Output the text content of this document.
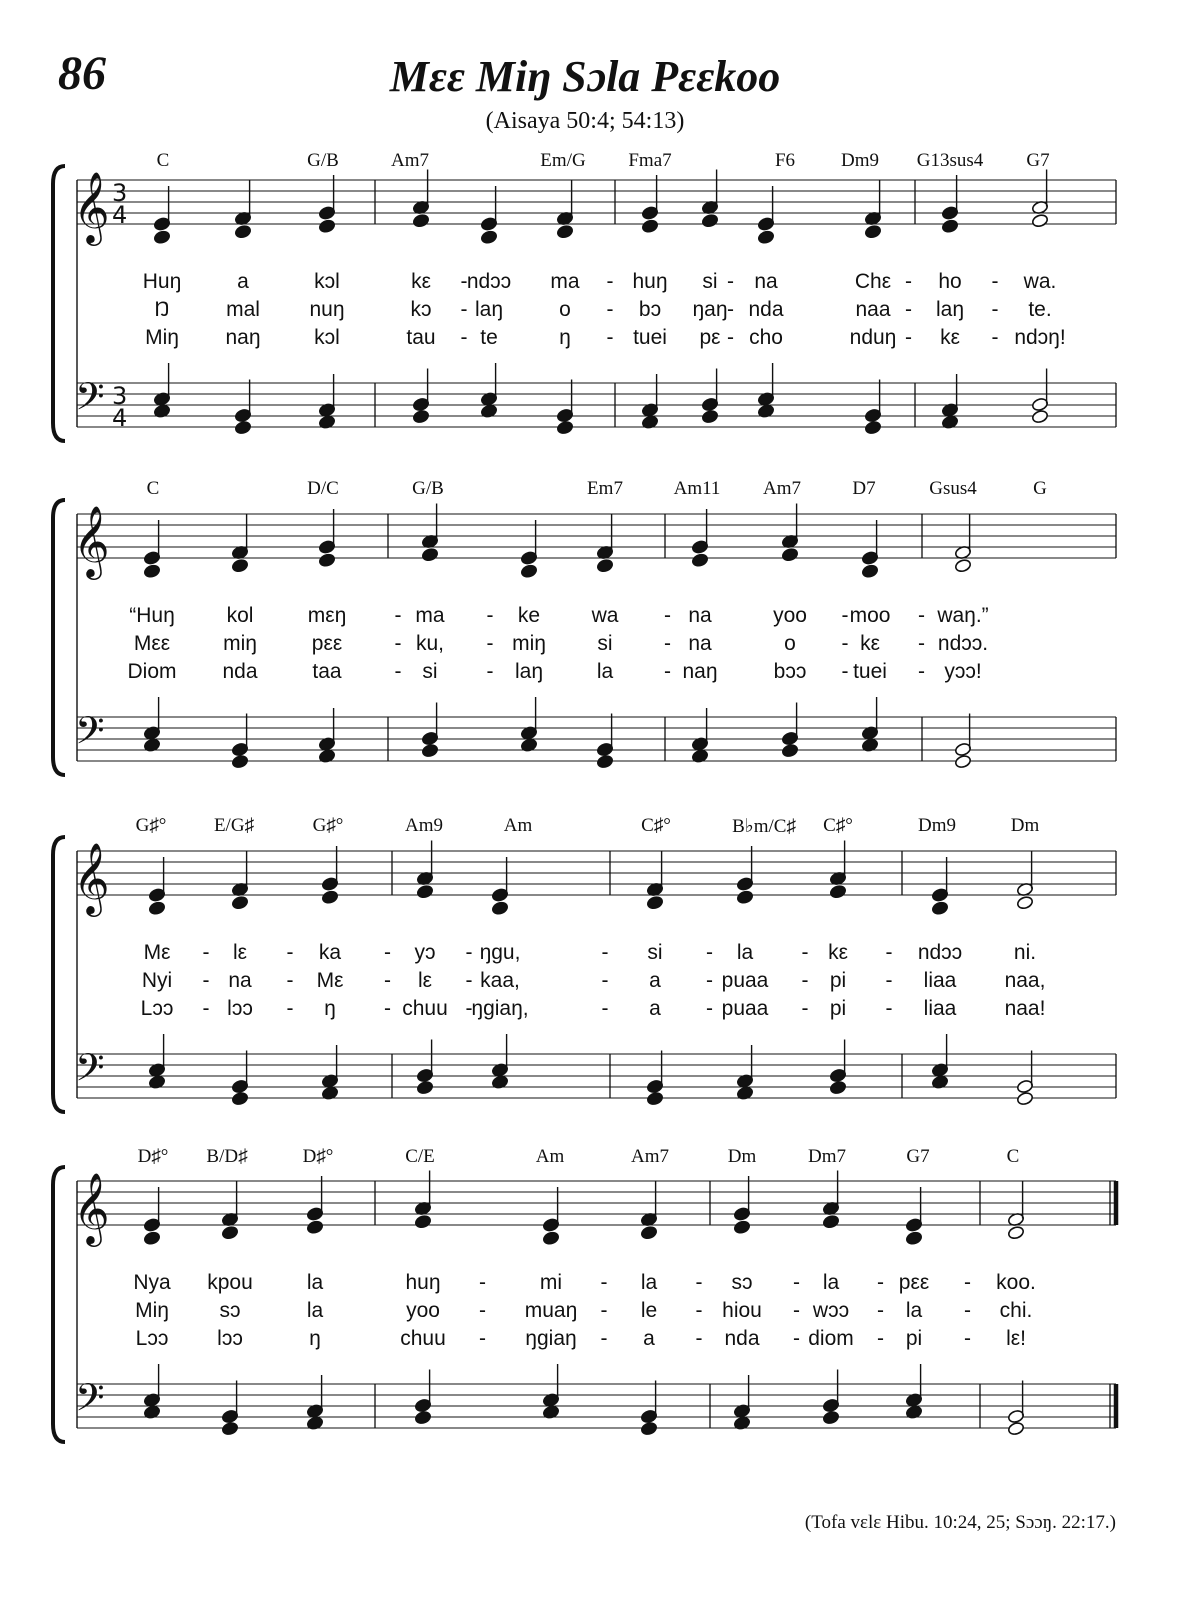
86	Mεε Miŋ Sɔla Pεεkoo
(Aisaya 50:4; 54:13)
𝄞 3
4
𝄢 3
4
C	G/B	Am7	Em/G Fma7	F6 Dm9 G13sus4 G7
Huŋ	a	kɔl	kε ndɔɔ ma	huŋ si na	Chε ho	wa.
-	-	-	-	-
Ŋ	mal nuŋ	kɔ laŋ	o	bɔ ŋaŋ nda	naa laŋ	te.
-	-	-	-	-
Miŋ naŋ	kɔl	tau te	ŋ	tuei pε cho	nduŋ kε	ndɔŋ!
-	-	-	-	-
𝄞
𝄢
C	D/C	G/B	Em7	Am11 Am7	D7	Gsus4	G
“Huŋ kol	mεŋ	ma	ke wa	na	yoo moo waŋ.”
-	-	-	-	-
Mεε	miŋ	pεε	ku,	miŋ si	na	o	kε	ndɔɔ.
-	-	-	-	-
Diom nda	taa	si	laŋ	la	naŋ	bɔɔ tuei	yɔɔ!
-	-	-	-	-
𝄞
𝄢
G♯°	E/G♯	G♯°	Am9	Am	C♯°	B♭m/C♯ C♯°	Dm9	Dm
Mε	lε	ka	yɔ ŋgu,	si	la	kε	ndɔɔ ni.
-	-	-	-	-	-	-	-
Nyi	na	Mε	lε kaa,	a	puaa	pi	liaa naa,
-	-	-	-	-	-	-	-
Lɔɔ	lɔɔ	ŋ	chuu ŋgiaŋ,	a	puaa	pi	liaa naa!
-	-	-	-	-	-	-	-
𝄞
𝄢
D♯° B/D♯	D♯°	C/E	Am	Am7	Dm	Dm7	G7	C
Nya kpou	la	huŋ	mi	la	sɔ	la	pεε	koo.
-	-	-	-	-	-
Miŋ sɔ	la	yoo	muaŋ	le	hiou wɔɔ	la	chi.
-	-	-	-	-	-
Lɔɔ lɔɔ	ŋ	chuu	ŋgiaŋ	a	nda diom pi	lε!
-	-	-	-	-	-
(Tofa vεlε Hibu. 10:24, 25; Sɔɔŋ. 22:17.)
